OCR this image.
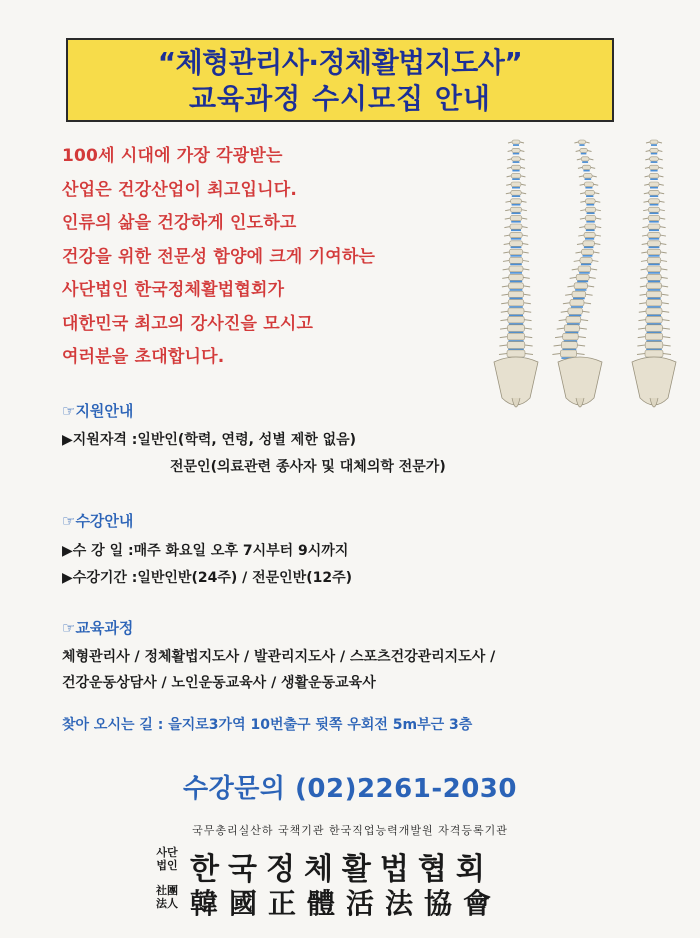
“체형관리사·정체활법지도사”
교육과정 수시모집 안내
100세 시대에 가장 각광받는
산업은 건강산업이 최고입니다.
인류의 삶을 건강하게 인도하고
건강을 위한 전문성 함양에 크게 기여하는
사단법인 한국정체활법협회가
대한민국 최고의 강사진을 모시고
여러분을 초대합니다.
☞지원안내
▶지원자격 :일반인(학력, 연령, 성별 제한 없음)
전문인(의료관련 종사자 및 대체의학 전문가)
☞수강안내
▶수 강 일 :매주 화요일 오후 7시부터 9시까지
▶수강기간 :일반인반(24주) / 전문인반(12주)
☞교육과정
체형관리사 / 정체활법지도사 / 발관리지도사 / 스포츠건강관리지도사 /
건강운동상담사 / 노인운동교육사 / 생활운동교육사
찾아 오시는 길 : 을지로3가역 10번출구 뒷쪽 우회전 5m부근 3층
수강문의 (02)2261-2030
국무총리실산하 국책기관 한국직업능력개발원 자격등록기관
사단
법인
社團
法人
한국정체활법협회
韓國正體活法協會
